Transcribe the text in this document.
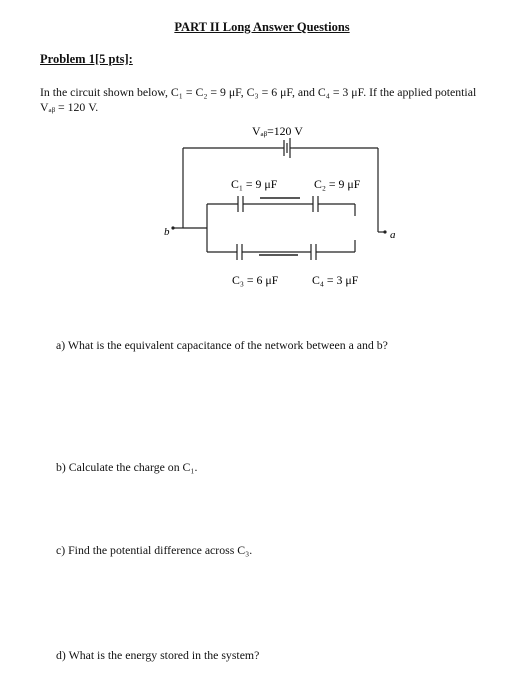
PART II Long Answer Questions
Problem 1[5 pts]:
In the circuit shown below, C₁ = C₂ = 9 μF, C₃ = 6 μF, and C₄ = 3 μF. If the applied potential
Vₐᵦ = 120 V.
Vₐᵦ=120 V
C₁ = 9 μF	C₂ = 9 μF
C₃ = 6 μF	C₄ = 3 μF
b	a
a) What is the equivalent capacitance of the network between a and b?
b) Calculate the charge on C₁.
c) Find the potential difference across C₃.
d) What is the energy stored in the system?
